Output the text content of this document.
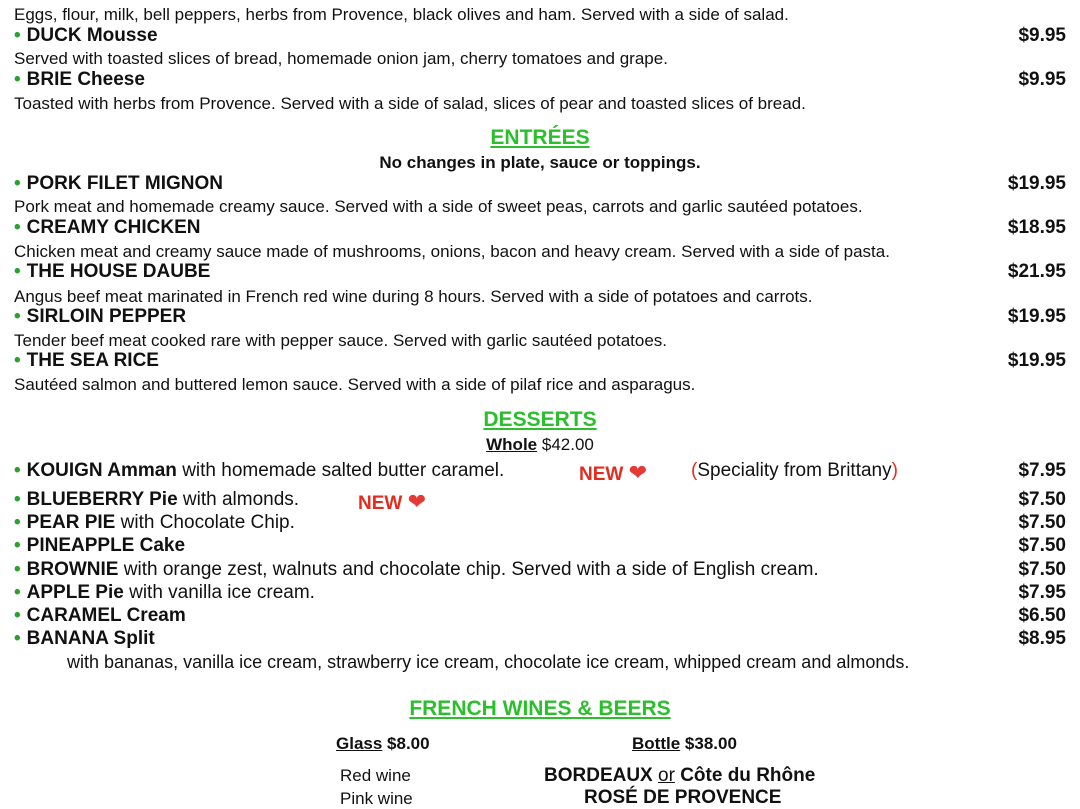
Eggs, flour, milk, bell peppers, herbs from Provence, black olives and ham. Served with a side of salad.
• DUCK Mousse	$9.95
Served with toasted slices of bread, homemade onion jam, cherry tomatoes and grape.
• BRIE Cheese	$9.95
Toasted with herbs from Provence. Served with a side of salad, slices of pear and toasted slices of bread.
ENTRÉES
No changes in plate, sauce or toppings.
• PORK FILET MIGNON	$19.95
Pork meat and homemade creamy sauce. Served with a side of sweet peas, carrots and garlic sautéed potatoes.
• CREAMY CHICKEN	$18.95
Chicken meat and creamy sauce made of mushrooms, onions, bacon and heavy cream. Served with a side of pasta.
• THE HOUSE DAUBE	$21.95
Angus beef meat marinated in French red wine during 8 hours. Served with a side of potatoes and carrots.
• SIRLOIN PEPPER	$19.95
Tender beef meat cooked rare with pepper sauce. Served with garlic sautéed potatoes.
• THE SEA RICE	$19.95
Sautéed salmon and buttered lemon sauce. Served with a side of pilaf rice and asparagus.
DESSERTS
Whole $42.00
• KOUIGN Amman with homemade salted butter caramel.	NEW ❤ (Speciality from Brittany)	$7.95
• BLUEBERRY Pie with almonds.	NEW ❤	$7.50
• PEAR PIE with Chocolate Chip.	$7.50
• PINEAPPLE Cake	$7.50
• BROWNIE with orange zest, walnuts and chocolate chip. Served with a side of English cream.	$7.50
• APPLE Pie with vanilla ice cream.	$7.95
• CARAMEL Cream	$6.50
• BANANA Split	$8.95
with bananas, vanilla ice cream, strawberry ice cream, chocolate ice cream, whipped cream and almonds.
FRENCH WINES & BEERS
Glass $8.00	Bottle $38.00
Red wine	BORDEAUX or Côte du Rhône
Pink wine	ROSÉ DE PROVENCE
